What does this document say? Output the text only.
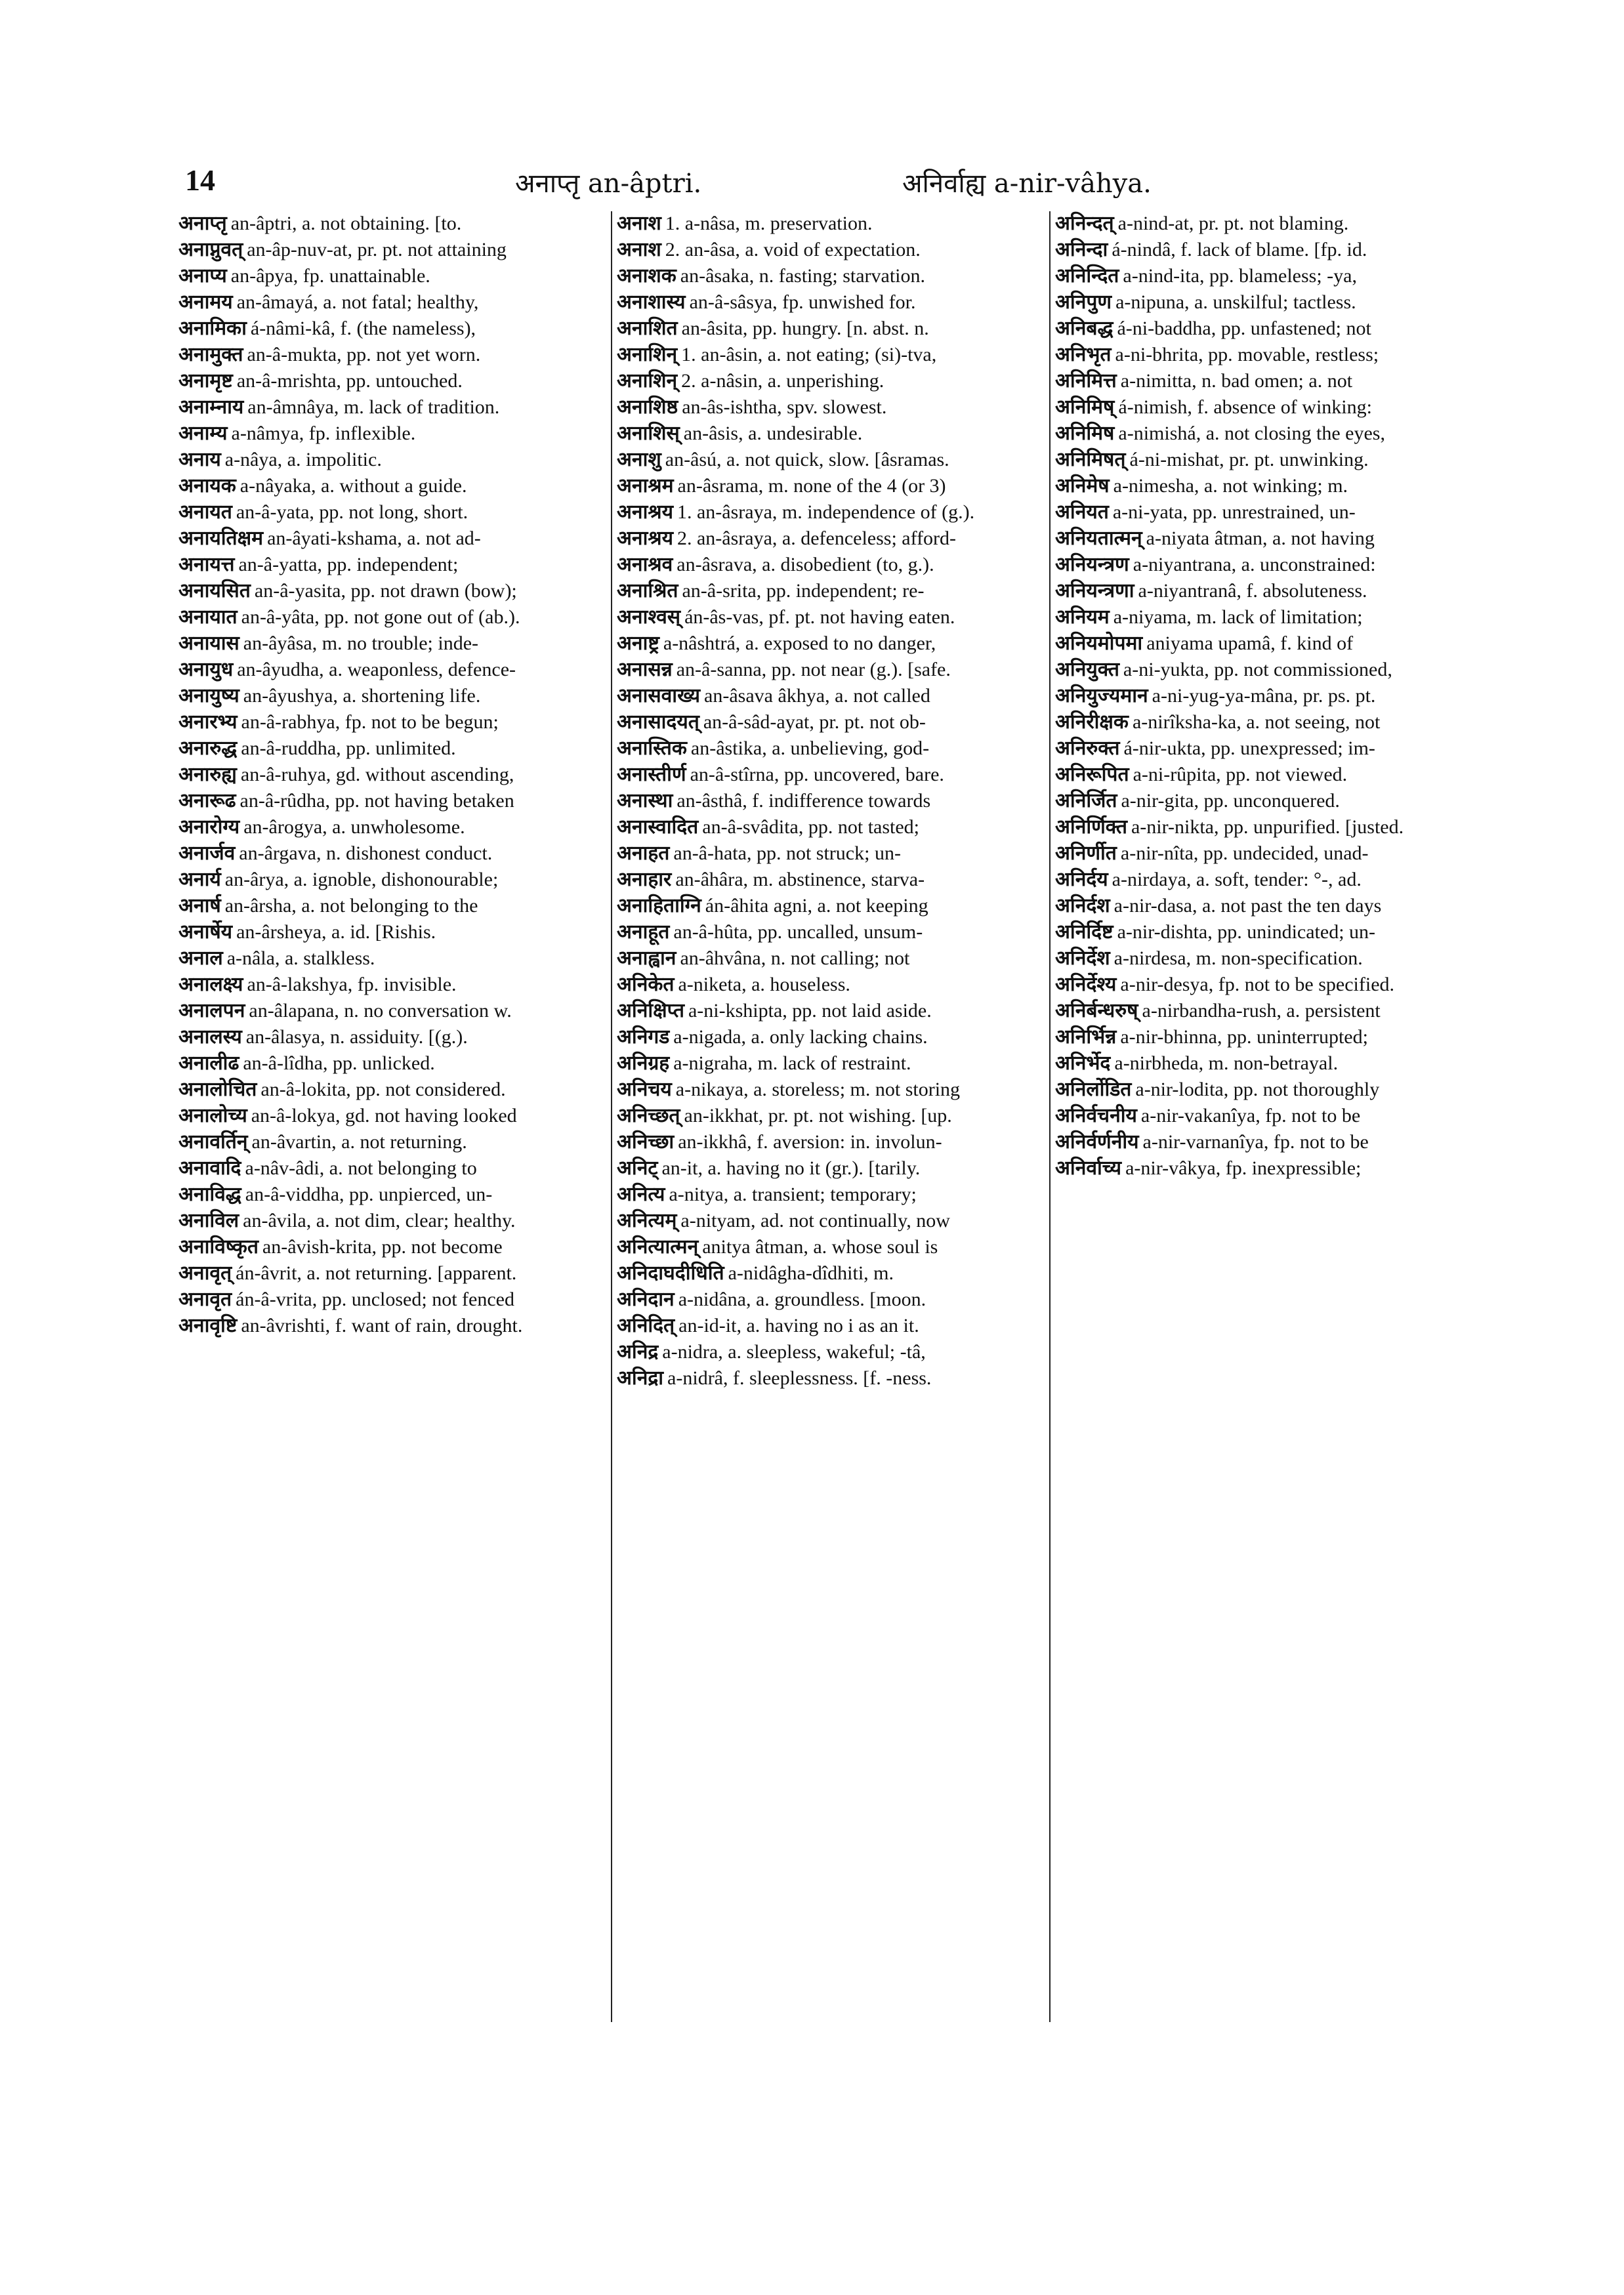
14	अनाप्तृ an-âptri.	अनिर्वाह्य a-nir-vâhya.

अनाप्तृ an-âptri, a. not obtaining. [to.

अनाप्नुवत् an-âp-nuv-at, pr. pt. not attaining

अनाप्य an-âpya, fp. unattainable.

अनामय an-âmayá, a. not fatal; healthy,

अनामिका á-nâmi-kâ, f. (the nameless),

अनामुक्त an-â-mukta, pp. not yet worn.

अनामृष्ट an-â-mrishta, pp. untouched.

अनाम्नाय an-âmnâya, m. lack of tradition.

अनाम्य a-nâmya, fp. inflexible.

अनाय a-nâya, a. impolitic.

अनायक a-nâyaka, a. without a guide.

अनायत an-â-yata, pp. not long, short.

अनायतिक्षम an-âyati-kshama, a. not ad-

अनायत्त an-â-yatta, pp. independent;

अनायसित an-â-yasita, pp. not drawn (bow);

अनायात an-â-yâta, pp. not gone out of (ab.).

अनायास an-âyâsa, m. no trouble; inde-

अनायुध an-âyudha, a. weaponless, defence-

अनायुष्य an-âyushya, a. shortening life.

अनारभ्य an-â-rabhya, fp. not to be begun;

अनारुद्ध an-â-ruddha, pp. unlimited.

अनारुह्य an-â-ruhya, gd. without ascending,

अनारूढ an-â-rûdha, pp. not having betaken

अनारोग्य an-ârogya, a. unwholesome.

अनार्जव an-ârgava, n. dishonest conduct.

अनार्य an-ârya, a. ignoble, dishonourable;

अनार्ष an-ârsha, a. not belonging to the

अनार्षेय an-ârsheya, a. id. [Rishis.

अनाल a-nâla, a. stalkless.

अनालक्ष्य an-â-lakshya, fp. invisible.

अनालपन an-âlapana, n. no conversation w.

अनालस्य an-âlasya, n. assiduity. [(g.).

अनालीढ an-â-lîdha, pp. unlicked.

अनालोचित an-â-lokita, pp. not considered.

अनालोच्य an-â-lokya, gd. not having looked

अनावर्तिन् an-âvartin, a. not returning.

अनावादि a-nâv-âdi, a. not belonging to

अनाविद्ध an-â-viddha, pp. unpierced, un-

अनाविल an-âvila, a. not dim, clear; healthy.

अनाविष्कृत an-âvish-krita, pp. not become

अनावृत् án-âvrit, a. not returning. [apparent.

अनावृत án-â-vrita, pp. unclosed; not fenced

अनावृष्टि an-âvrishti, f. want of rain, drought.

अनाश 1. a-nâsa, m. preservation.

अनाश 2. an-âsa, a. void of expectation.

अनाशक an-âsaka, n. fasting; starvation.

अनाशास्य an-â-sâsya, fp. unwished for.

अनाशित an-âsita, pp. hungry. [n. abst. n.

अनाशिन् 1. an-âsin, a. not eating; (si)-tva,

अनाशिन् 2. a-nâsin, a. unperishing.

अनाशिष्ठ an-âs-ishtha, spv. slowest.

अनाशिस् an-âsis, a. undesirable.

अनाशु an-âsú, a. not quick, slow. [âsramas.

अनाश्रम an-âsrama, m. none of the 4 (or 3)

अनाश्रय 1. an-âsraya, m. independence of (g.).

अनाश्रय 2. an-âsraya, a. defenceless; afford-

अनाश्रव an-âsrava, a. disobedient (to, g.).

अनाश्रित an-â-srita, pp. independent; re-

अनाश्वस् án-âs-vas, pf. pt. not having eaten.

अनाष्ट्र a-nâshtrá, a. exposed to no danger,

अनासन्न an-â-sanna, pp. not near (g.). [safe.

अनासवाख्य an-âsava âkhya, a. not called

अनासादयत् an-â-sâd-ayat, pr. pt. not ob-

अनास्तिक an-âstika, a. unbelieving, god-

अनास्तीर्ण an-â-stîrna, pp. uncovered, bare.

अनास्था an-âsthâ, f. indifference towards

अनास्वादित an-â-svâdita, pp. not tasted;

अनाहत an-â-hata, pp. not struck; un-

अनाहार an-âhâra, m. abstinence, starva-

अनाहिताग्नि án-âhita agni, a. not keeping

अनाहूत an-â-hûta, pp. uncalled, unsum-

अनाह्वान an-âhvâna, n. not calling; not

अनिकेत a-niketa, a. houseless.

अनिक्षिप्त a-ni-kshipta, pp. not laid aside.

अनिगड a-nigada, a. only lacking chains.

अनिग्रह a-nigraha, m. lack of restraint.

अनिचय a-nikaya, a. storeless; m. not storing

अनिच्छत् an-ikkhat, pr. pt. not wishing. [up.

अनिच्छा an-ikkhâ, f. aversion: in. involun-

अनिट् an-it, a. having no it (gr.). [tarily.

अनित्य a-nitya, a. transient; temporary;

अनित्यम् a-nityam, ad. not continually, now

अनित्यात्मन् anitya âtman, a. whose soul is

अनिदाघदीधिति a-nidâgha-dîdhiti, m.

अनिदान a-nidâna, a. groundless. [moon.

अनिदित् an-id-it, a. having no i as an it.

अनिद्र a-nidra, a. sleepless, wakeful; -tâ,

अनिद्रा a-nidrâ, f. sleeplessness. [f. -ness.

अनिन्दत् a-nind-at, pr. pt. not blaming.

अनिन्दा á-nindâ, f. lack of blame. [fp. id.

अनिन्दित a-nind-ita, pp. blameless; -ya,

अनिपुण a-nipuna, a. unskilful; tactless.

अनिबद्ध á-ni-baddha, pp. unfastened; not

अनिभृत a-ni-bhrita, pp. movable, restless;

अनिमित्त a-nimitta, n. bad omen; a. not

अनिमिष् á-nimish, f. absence of winking:

अनिमिष a-nimishá, a. not closing the eyes,

अनिमिषत् á-ni-mishat, pr. pt. unwinking.

अनिमेष a-nimesha, a. not winking; m.

अनियत a-ni-yata, pp. unrestrained, un-

अनियतात्मन् a-niyata âtman, a. not having

अनियन्त्रण a-niyantrana, a. unconstrained:

अनियन्त्रणा a-niyantranâ, f. absoluteness.

अनियम a-niyama, m. lack of limitation;

अनियमोपमा aniyama upamâ, f. kind of

अनियुक्त a-ni-yukta, pp. not commissioned,

अनियुज्यमान a-ni-yug-ya-mâna, pr. ps. pt.

अनिरीक्षक a-nirîksha-ka, a. not seeing, not

अनिरुक्त á-nir-ukta, pp. unexpressed; im-

अनिरूपित a-ni-rûpita, pp. not viewed.

अनिर्जित a-nir-gita, pp. unconquered.

अनिर्णिक्त a-nir-nikta, pp. unpurified. [justed.

अनिर्णीत a-nir-nîta, pp. undecided, unad-

अनिर्दय a-nirdaya, a. soft, tender: °-, ad.

अनिर्दश a-nir-dasa, a. not past the ten days

अनिर्दिष्ट a-nir-dishta, pp. unindicated; un-

अनिर्देश a-nirdesa, m. non-specification.

अनिर्देश्य a-nir-desya, fp. not to be specified.

अनिर्बन्धरुष् a-nirbandha-rush, a. persistent

अनिर्भिन्न a-nir-bhinna, pp. uninterrupted;

अनिर्भेद a-nirbheda, m. non-betrayal.

अनिर्लोडित a-nir-lodita, pp. not thoroughly

अनिर्वचनीय a-nir-vakanîya, fp. not to be

अनिर्वर्णनीय a-nir-varnanîya, fp. not to be

अनिर्वाच्य a-nir-vâkya, fp. inexpressible;
